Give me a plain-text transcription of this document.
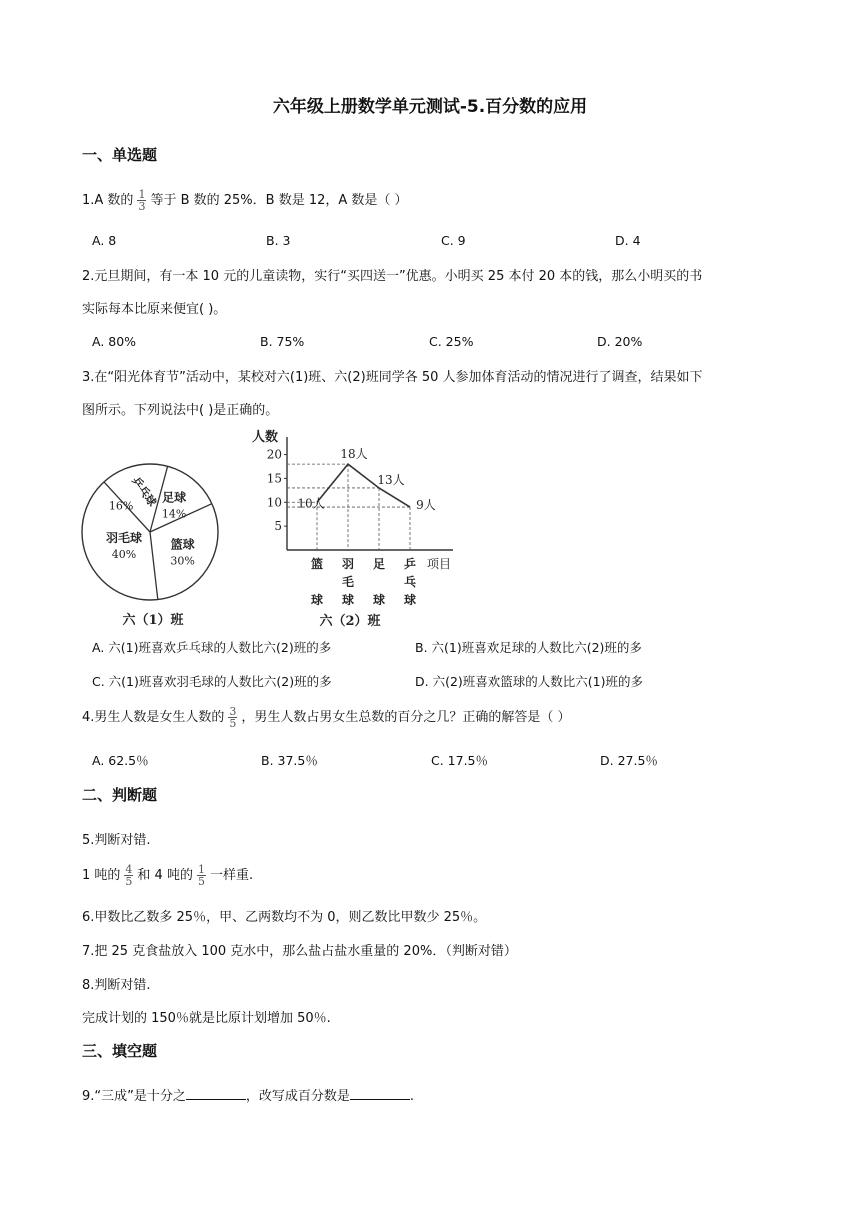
六年级上册数学单元测试-5.百分数的应用
一、单选题
1.A 数的 $\frac{1}{3}$ 等于 B 数的 25%．B 数是 12，A 数是（ ）
A. 8	B. 3	C. 9	D. 4
2.元旦期间，有一本 10 元的儿童读物，实行“买四送一”优惠。小明买 25 本付 20 本的钱，那么小明买的书
实际每本比原来便宜( )。
A. 80%	B. 75%	C. 25%	D. 20%
3.在“阳光体育节”活动中，某校对六(1)班、六(2)班同学各 50 人参加体育活动的情况进行了调查，结果如下
图所示。下列说法中( )是正确的。
足球
14%
篮球
30%
羽毛球
40%
乒乓球
16%
六（1）班
5
10
15
20
10人
18人
13人
9人
篮
球
羽
毛
球
足
球
乒
乓
球
人数
项目
六（2）班
A. 六(1)班喜欢乒乓球的人数比六(2)班的多	B. 六(1)班喜欢足球的人数比六(2)班的多
C. 六(1)班喜欢羽毛球的人数比六(2)班的多	D. 六(2)班喜欢篮球的人数比六(1)班的多
4.男生人数是女生人数的 $\frac{3}{5}$ ，男生人数占男女生总数的百分之几？正确的解答是（ ）
A. 62.5％	B. 37.5％	C. 17.5％	D. 27.5％
二、判断题
5.判断对错.
1 吨的 $\frac{4}{5}$ 和 4 吨的 $\frac{1}{5}$ 一样重.
6.甲数比乙数多 25％，甲、乙两数均不为 0，则乙数比甲数少 25％。
7.把 25 克食盐放入 100 克水中，那么盐占盐水重量的 20%．（判断对错）
8.判断对错.
完成计划的 150％就是比原计划增加 50％.
三、填空题
9.“三成”是十分之	，改写成百分数是	.
